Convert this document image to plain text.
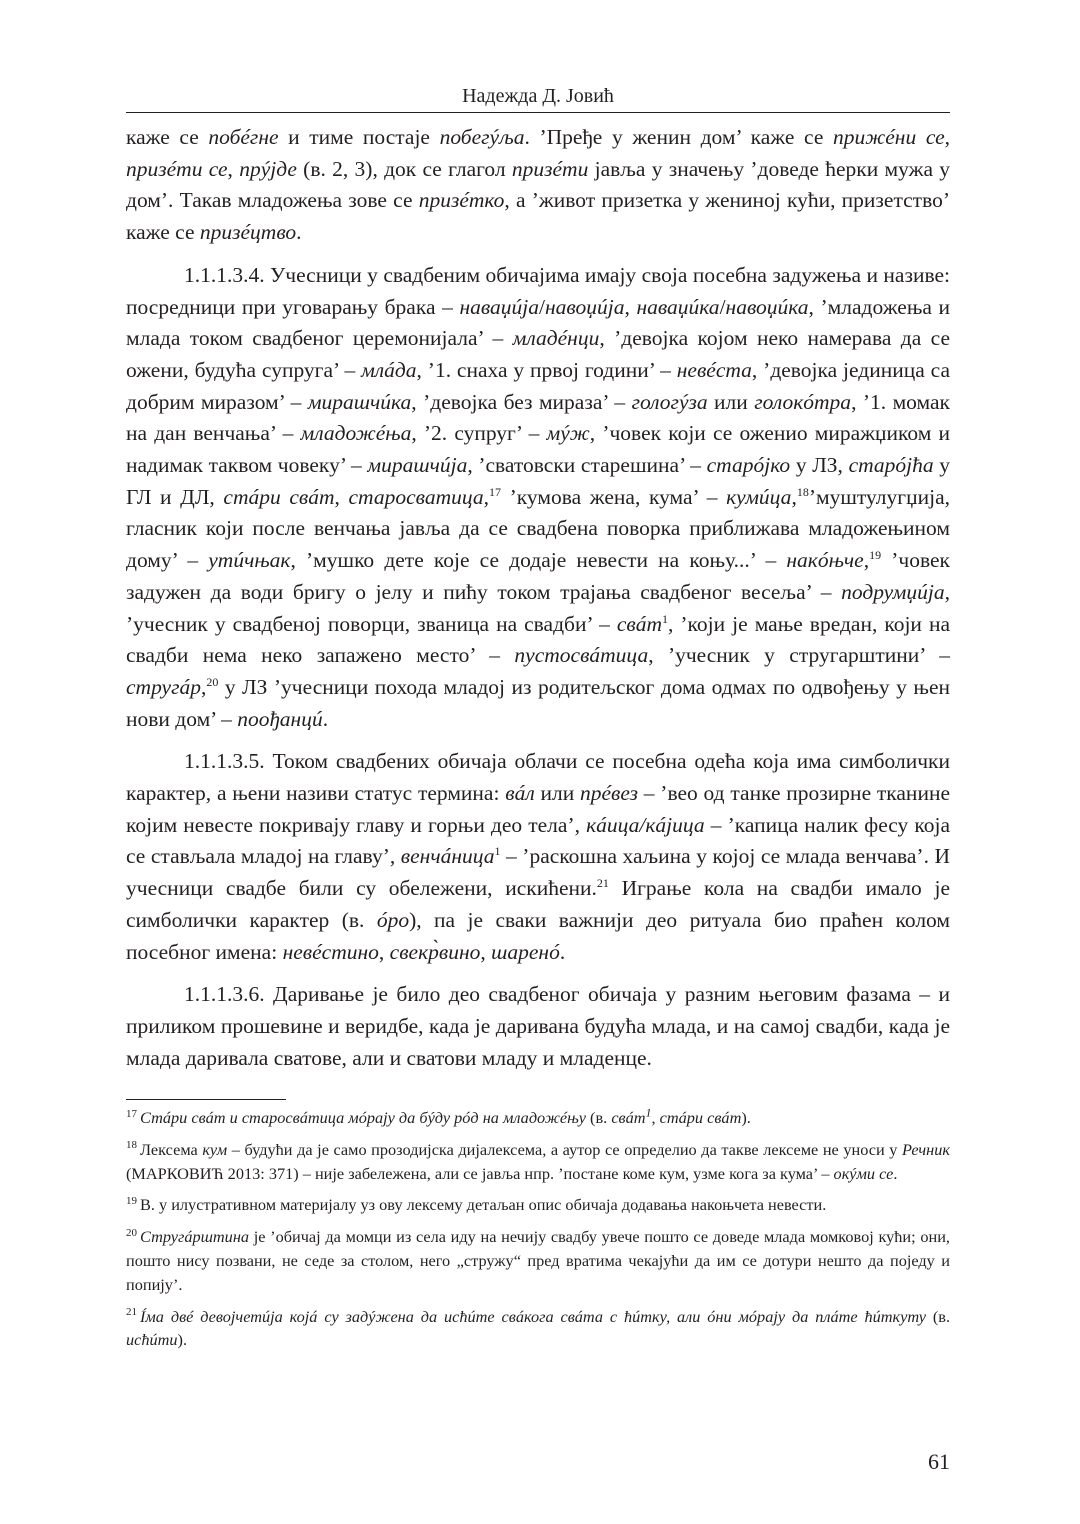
Надежда Д. Јовић

каже се побéгне и тиме постаје побегýља. ’Пређе у женин дом’ каже се прижéни се, призéти се, прýјде (в. 2, 3), док се глагол призéти јавља у значењу ’доведе ћерки мужа у дом’. Такав младожења зове се призéтко, а ’живот призетка у жениној кући, призетство’ каже се призéцтво.

1.1.1.3.4. Учесници у свадбеним обичајима имају своја посебна задужења и називе: посредници при уговарању брака – наваџúја/навоџúја, наваџúка/навоџúка, ’младожења и млада током свадбеног церемонијала’ – младéнци, ’девојка којом неко намерава да се ожени, будућа супруга’ – млáда, ’1. снаха у првој години’ – невéста, ’девојка јединица са добрим миразом’ – мирашчúка, ’девојка без мираза’ – гологýза или голокóтра, ’1. момак на дан венчања’ – младожéња, ’2. супруг’ – мýж, ’човек који се оженио миражџиком и надимак таквом човеку’ – мирашчúја, ’сватовски старешина’ – старóјко у ЛЗ, старóјћа у ГЛ и ДЛ, стáри свáт, старосватица,$^{17}$ ’кумова жена, кума’ – кумúца,$^{18}$’муштулугџија, гласник који после венчања јавља да се свадбена поворка приближава младожењином дому’ – утúчњак, ’мушко дете које се додаје невести на коњу...’ – накóњче,$^{19}$ ’човек задужен да води бригу о јелу и пићу током трајања свадбеног весеља’ – подрумџúја, ’учесник у свадбеној поворци, званица на свадби’ – свáт$^1$, ’који је мање вредан, који на свадби нема неко запажено место’ – пустосвáтица, ’учесник у стругарштини’ – стругáр,$^{20}$ у ЛЗ ’учесници похода младој из родитељског дома одмах по одвођењу у њен нови дом’ – поођанцú.

1.1.1.3.5. Током свадбених обичаја облачи се посебна одећа која има симболички карактер, а њени називи статус термина: вáл или прéвез – ’вео од танке прозирне тканине којим невесте покривају главу и горњи део тела’, кáица/кáјица – ’капица налик фесу која се стављала младој на главу’, венчáница$^1$ – ’раскошна хаљина у којој се млада венчава’. И учесници свадбе били су обележени, искићени.$^{21}$ Играње кола на свадби имало је симболички карактер (в. óро), па је сваки важнији део ритуала био праћен колом посебног имена: невéстино, свекр̀вино, шаренó.

1.1.1.3.6. Даривање је било део свадбеног обичаја у разним његовим фазама – и приликом прошевине и веридбе, када је даривана будућа млада, и на самој свадби, када је млада даривала сватове, али и сватови младу и младенце.

$^{17}$ Стáри свáт и старосвáтица мóрају да бýду рóд на младожéњу (в. свáт$^1$, стáри свáт).

$^{18}$ Лексема кум – будући да је само прозодијска дијалексема, а аутор се определио да такве лексеме не уноси у Речник (МАРКОВИЋ 2013: 371) – није забележена, али се јавља нпр. ’постане коме кум, узме кога за кума’ – окýми се.

$^{19}$ В. у илустративном материјалу уз ову лексему детаљан опис обичаја додавања накоњчета невести.

$^{20}$ Стругáрштина је ’обичај да момци из села иду на нечију свадбу увече пошто се доведе млада момковој кући; они, пошто нису позвани, не седе за столом, него „стружу“ пред вратима чекајући да им се дотури нешто да поједу и попију’.

$^{21}$ Íма двé девојчетúја којá су задýжена да исћúте свáкога свáта с ћúтку, али óни мóрају да плáте ћúткуту (в. исћúти).

61
